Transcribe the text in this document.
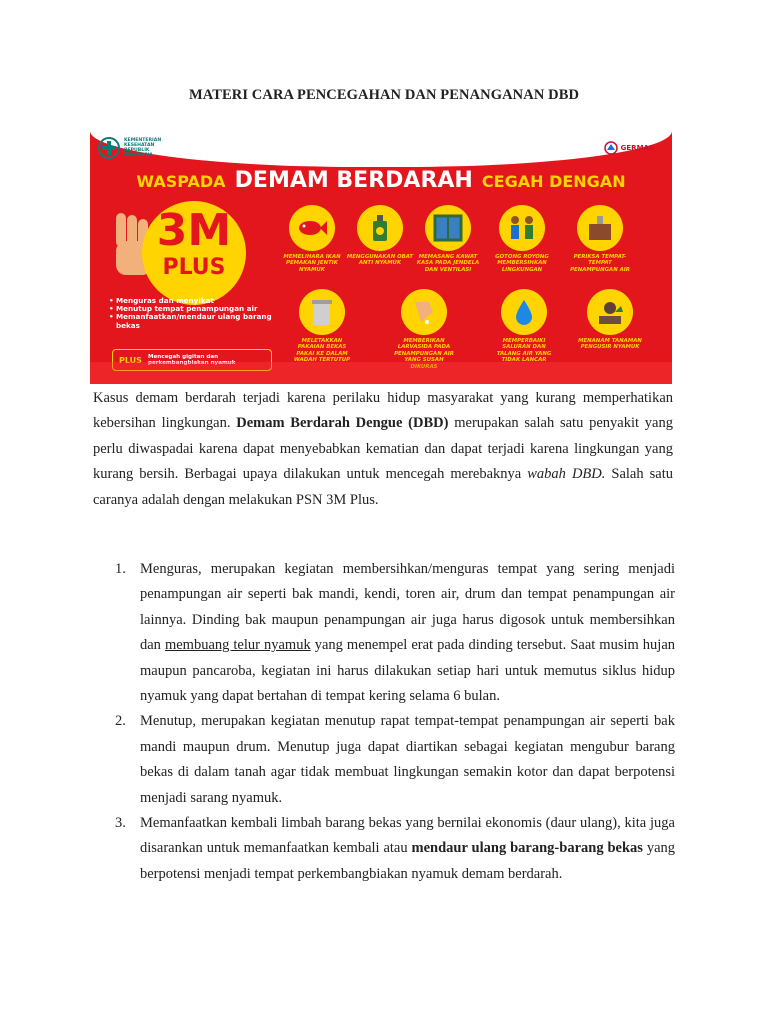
MATERI CARA PENCEGAHAN DAN PENANGANAN DBD
KEMENTERIAN KESEHATAN REPUBLIK INDONESIA
GERMAS
WASPADA DEMAM BERDARAH CEGAH DENGAN
3M
PLUS
• Menguras dan menyikat
• Menutup tempat penampungan air
• Memanfaatkan/mendaur ulang barang bekas
PLUS Mencegah gigitan dan perkembangbiakan nyamuk
MEMELIHARA IKAN PEMAKAN JENTIK NYAMUK
MENGGUNAKAN OBAT ANTI NYAMUK
MEMASANG KAWAT KASA PADA JENDELA DAN VENTILASI
GOTONG ROYONG MEMBERSIHKAN LINGKUNGAN
PERIKSA TEMPAT-TEMPAT PENAMPUNGAN AIR
MELETAKKAN PAKAIAN BEKAS PAKAI KE DALAM WADAH TERTUTUP
MEMBERIKAN LARVASIDA PADA PENAMPUNGAN AIR YANG SUSAH DIKURAS
MEMPERBAIKI SALURAN DAN TALANG AIR YANG TIDAK LANCAR
MENANAM TANAMAN PENGUSIR NYAMUK

Kasus demam berdarah terjadi karena perilaku hidup masyarakat yang kurang memperhatikan kebersihan lingkungan. Demam Berdarah Dengue (DBD) merupakan salah satu penyakit yang perlu diwaspadai karena dapat menyebabkan kematian dan dapat terjadi karena lingkungan yang kurang bersih. Berbagai upaya dilakukan untuk mencegah merebaknya wabah DBD. Salah satu caranya adalah dengan melakukan PSN 3M Plus.

1. Menguras, merupakan kegiatan membersihkan/menguras tempat yang sering menjadi penampungan air seperti bak mandi, kendi, toren air, drum dan tempat penampungan air lainnya. Dinding bak maupun penampungan air juga harus digosok untuk membersihkan dan membuang telur nyamuk yang menempel erat pada dinding tersebut. Saat musim hujan maupun pancaroba, kegiatan ini harus dilakukan setiap hari untuk memutus siklus hidup nyamuk yang dapat bertahan di tempat kering selama 6 bulan.
2. Menutup, merupakan kegiatan menutup rapat tempat-tempat penampungan air seperti bak mandi maupun drum. Menutup juga dapat diartikan sebagai kegiatan mengubur barang bekas di dalam tanah agar tidak membuat lingkungan semakin kotor dan dapat berpotensi menjadi sarang nyamuk.
3. Memanfaatkan kembali limbah barang bekas yang bernilai ekonomis (daur ulang), kita juga disarankan untuk memanfaatkan kembali atau mendaur ulang barang-barang bekas yang berpotensi menjadi tempat perkembangbiakan nyamuk demam berdarah.
